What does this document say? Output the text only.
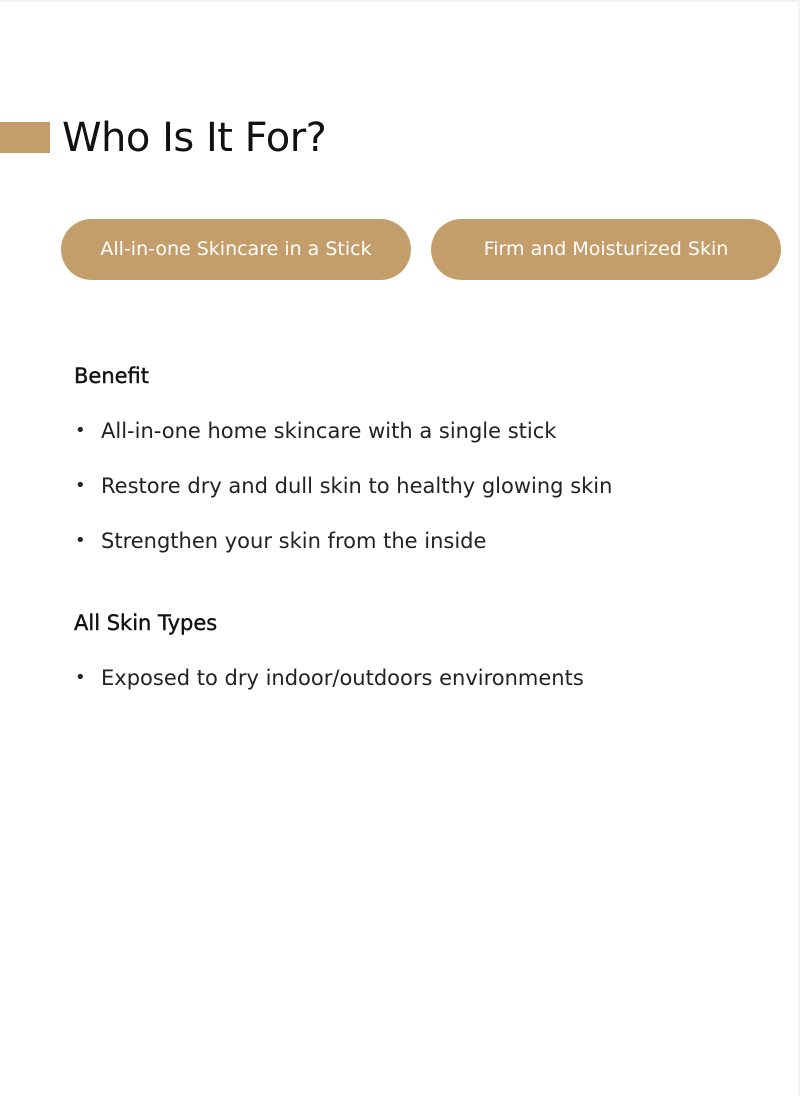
Who Is It For?
All-in-one Skincare in a Stick	Firm and Moisturized Skin
Benefit
• All-in-one home skincare with a single stick
• Restore dry and dull skin to healthy glowing skin
• Strengthen your skin from the inside
All Skin Types
• Exposed to dry indoor/outdoors environments
